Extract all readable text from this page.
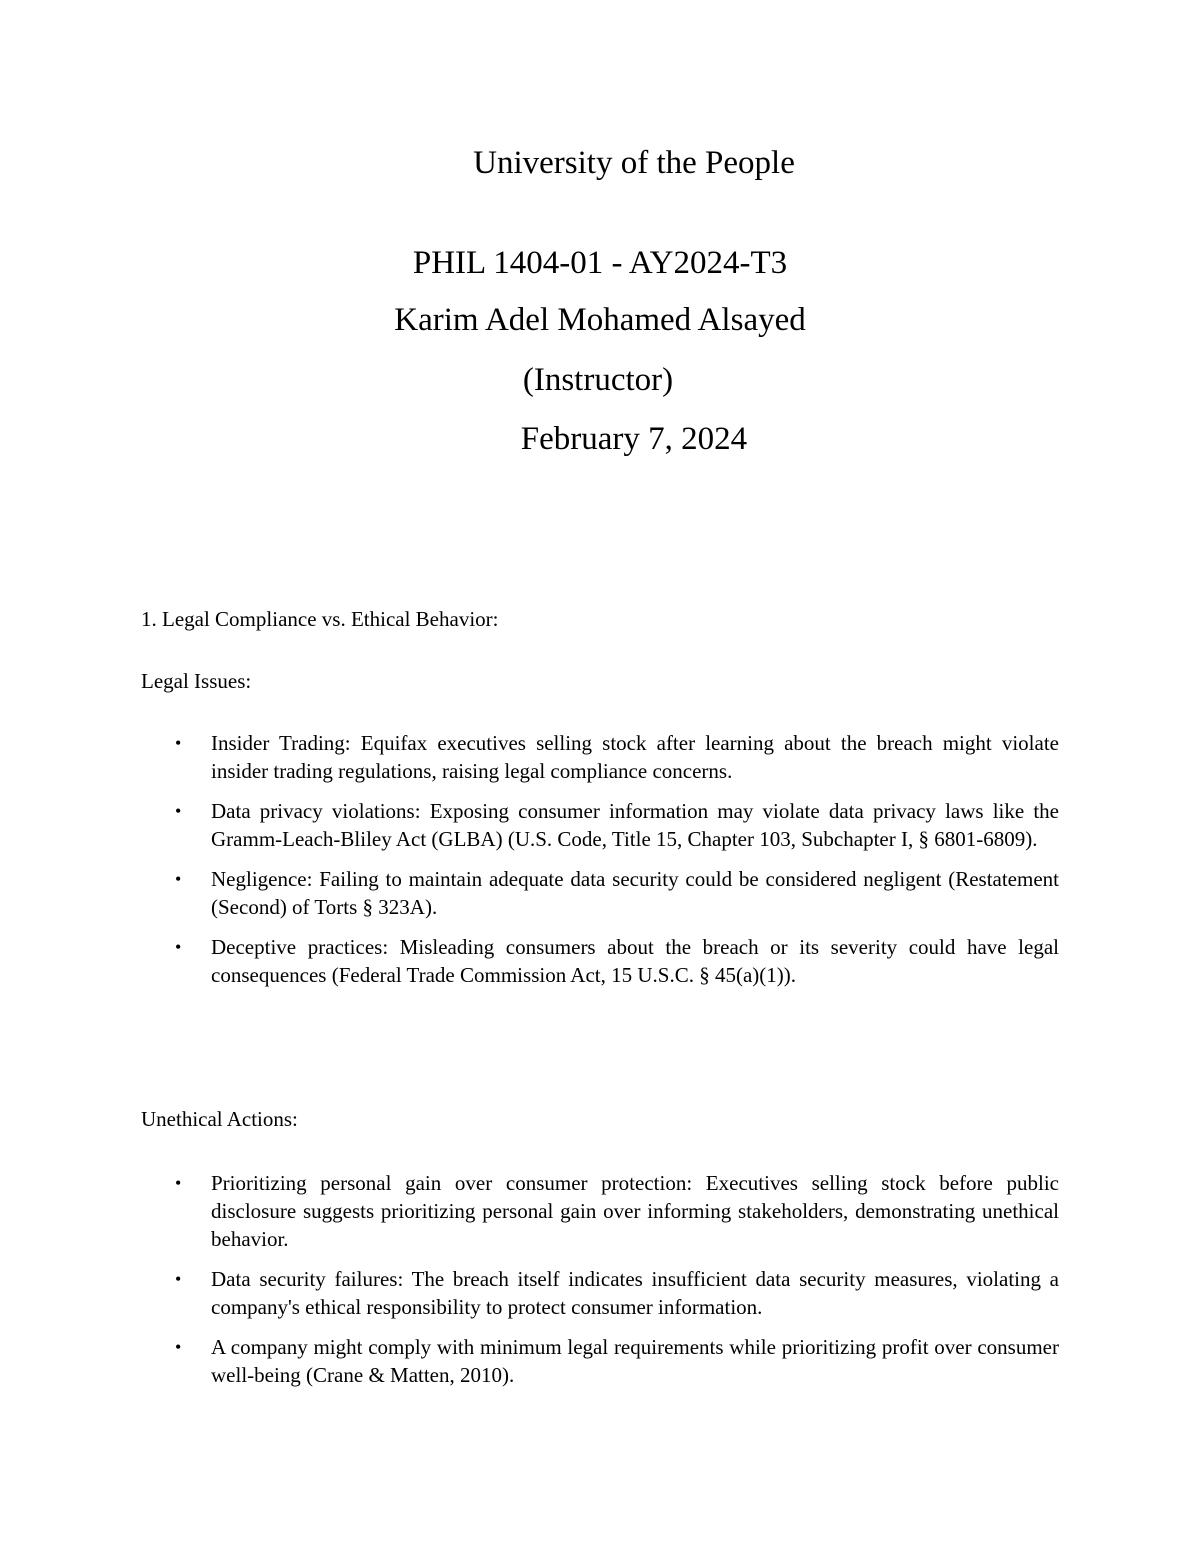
University of the People
PHIL 1404-01 - AY2024-T3
Karim Adel Mohamed Alsayed
(Instructor)
February 7, 2024
1. Legal Compliance vs. Ethical Behavior:
Legal Issues:
• Insider Trading: Equifax executives selling stock after learning about the breach might violate insider trading regulations, raising legal compliance concerns.
• Data privacy violations: Exposing consumer information may violate data privacy laws like the Gramm-Leach-Bliley Act (GLBA) (U.S. Code, Title 15, Chapter 103, Subchapter I, § 6801-6809).
• Negligence: Failing to maintain adequate data security could be considered negligent (Restatement (Second) of Torts § 323A).
• Deceptive practices: Misleading consumers about the breach or its severity could have legal consequences (Federal Trade Commission Act, 15 U.S.C. § 45(a)(1)).
Unethical Actions:
• Prioritizing personal gain over consumer protection: Executives selling stock before public disclosure suggests prioritizing personal gain over informing stakeholders, demonstrating unethical behavior.
• Data security failures: The breach itself indicates insufficient data security measures, violating a company's ethical responsibility to protect consumer information.
• A company might comply with minimum legal requirements while prioritizing profit over consumer well-being (Crane & Matten, 2010).
